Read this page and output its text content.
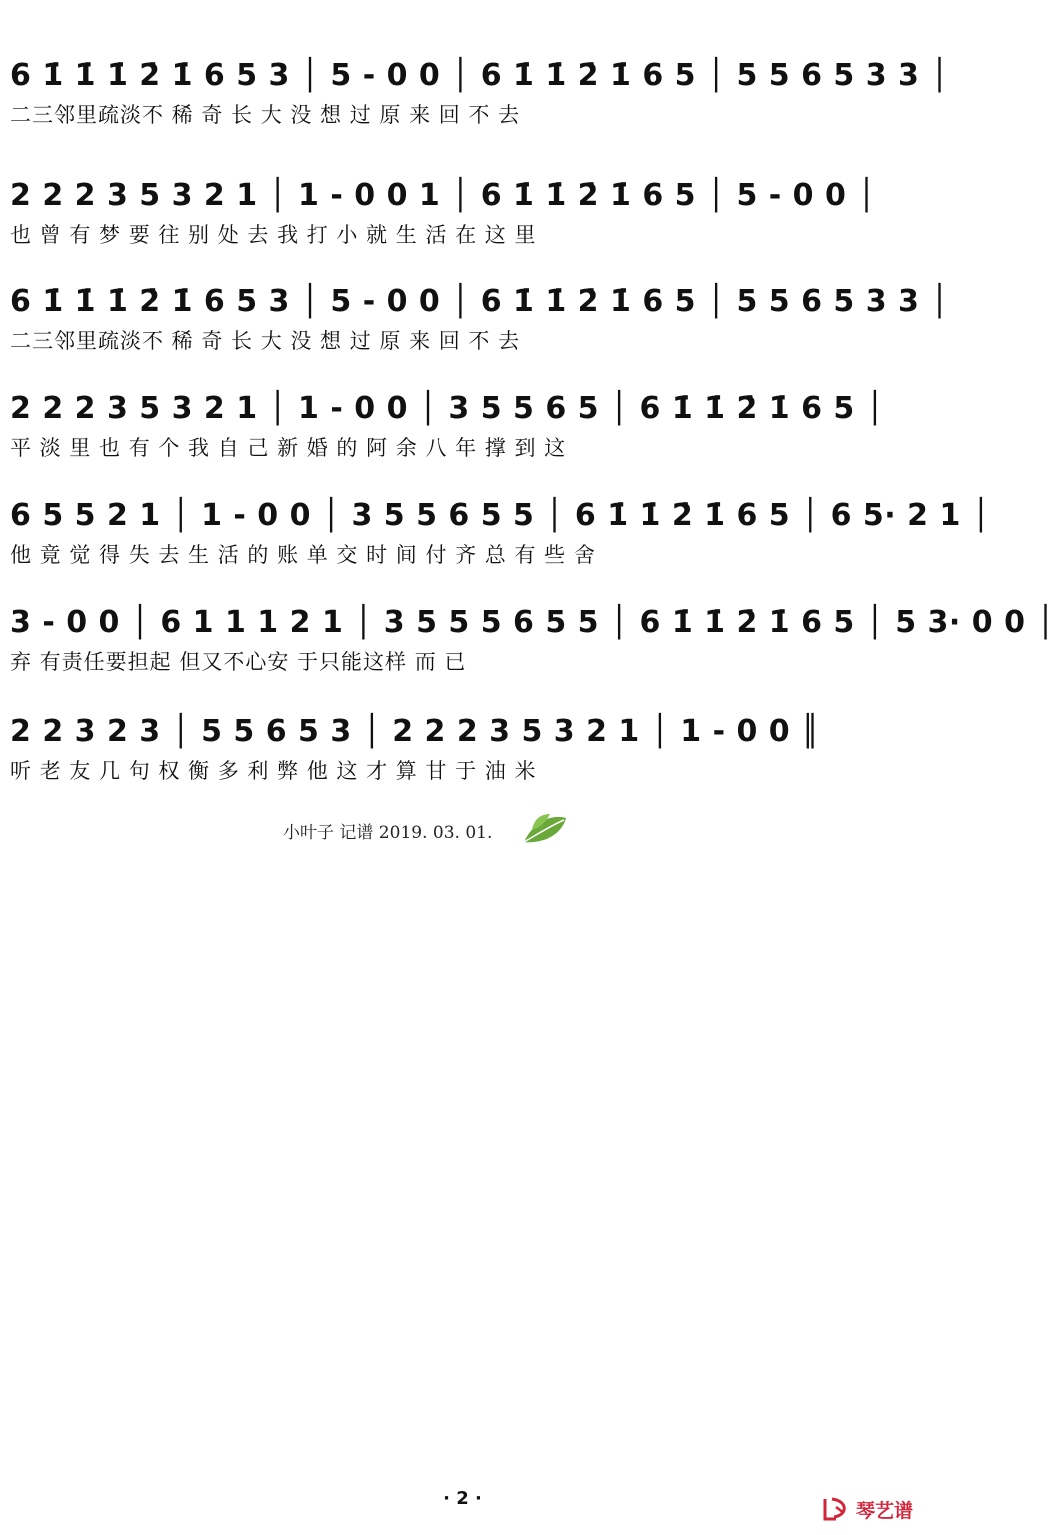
6 1̇ 1̇ 1̇ 2̇ 1̇ 6 5 3 │ 5 - 0 0 │ 6 1̇ 1̇ 2̇ 1̇ 6 5 │ 5 5 6 5 3 3 │
二三邻里疏淡不 稀 奇 长 大 没 想 过 原 来 回 不 去
2 2 2 3 5 3 2 1 │ 1 - 0 0 1 │ 6 1̇ 1̇ 2̇ 1̇ 6 5 │ 5 - 0 0 │
也 曾 有 梦 要 往 别 处 去 我 打 小 就 生 活 在 这 里
6 1̇ 1̇ 1̇ 2̇ 1̇ 6 5 3 │ 5 - 0 0 │ 6 1̇ 1̇ 2̇ 1̇ 6 5 │ 5 5 6 5 3 3 │
二三邻里疏淡不 稀 奇 长 大 没 想 过 原 来 回 不 去
2 2 2 3 5 3 2 1 │ 1 - 0 0 │ 3 5 5 6 5 │ 6 1̇ 1̇ 2̇ 1̇ 6 5 │
平 淡 里 也 有 个 我 自 己 新 婚 的 阿 余 八 年 撑 到 这
6 5 5 2 1 │ 1 - 0 0 │ 3 5 5 6 5 5 │ 6 1̇ 1̇ 2̇ 1̇ 6 5 │ 6 5· 2 1 │
他 竟 觉 得 失 去 生 活 的 账 单 交 时 间 付 齐 总 有 些 舍
3 - 0 0 │ 6 1 1 1 2 1 │ 3 5 5 5 6 5 5 │ 6 1̇ 1̇ 2̇ 1̇ 6 5 │ 5 3· 0 0 │
弃 有责任要担起 但又不心安 于只能这样 而 已
2 2 3 2 3 │ 5 5 6 5 3 │ 2 2 2 3 5 3 2 1 │ 1 - 0 0 ║
听 老 友 几 句 权 衡 多 利 弊 他 这 才 算 甘 于 油 米
小叶子 记谱 2019. 03. 01.
· 2 ·
琴艺谱
